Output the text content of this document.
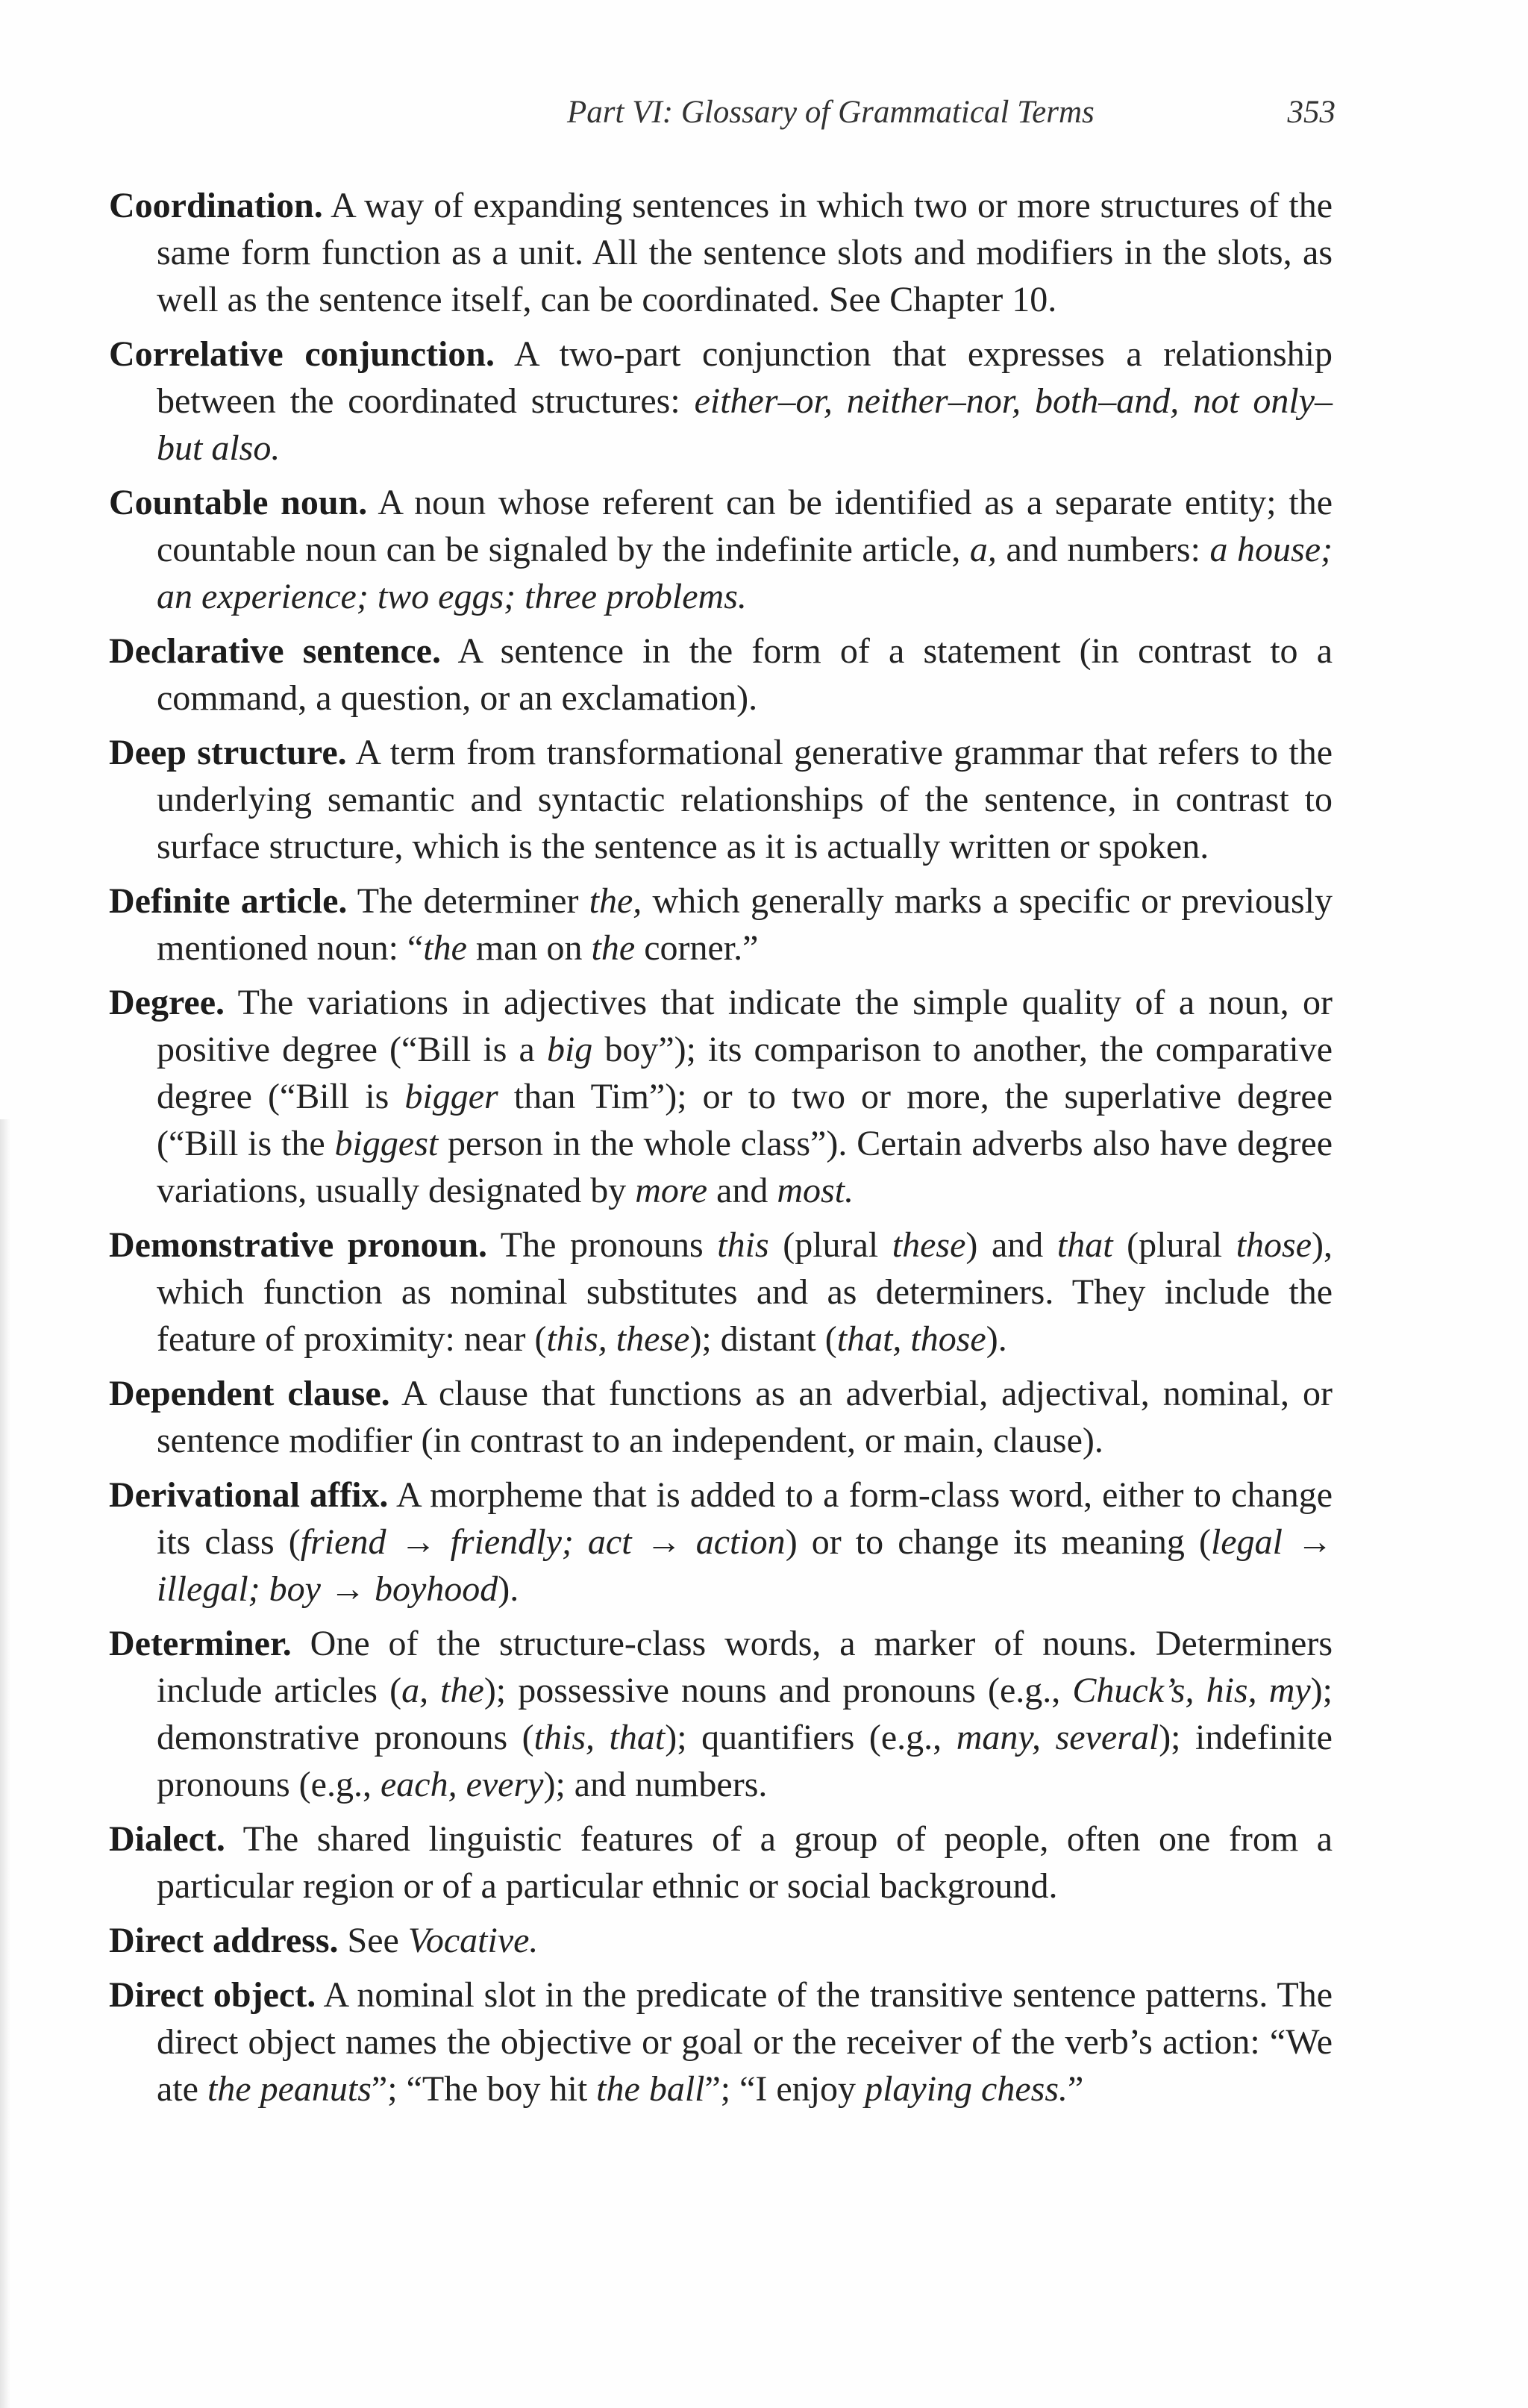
Part VI: Glossary of Grammatical Terms	353

Coordination. A way of expanding sentences in which two or more structures of the same form function as a unit. All the sentence slots and modifiers in the slots, as well as the sentence itself, can be coordinated. See Chapter 10.

Correlative conjunction. A two-part conjunction that expresses a relationship between the coordinated structures: either–or, neither–nor, both–and, not only–but also.

Countable noun. A noun whose referent can be identified as a separate entity; the countable noun can be signaled by the indefinite article, a, and numbers: a house; an experience; two eggs; three problems.

Declarative sentence. A sentence in the form of a statement (in contrast to a command, a question, or an exclamation).

Deep structure. A term from transformational generative grammar that refers to the underlying semantic and syntactic relationships of the sentence, in contrast to surface structure, which is the sentence as it is actually written or spoken.

Definite article. The determiner the, which generally marks a specific or previously mentioned noun: “the man on the corner.”

Degree. The variations in adjectives that indicate the simple quality of a noun, or positive degree (“Bill is a big boy”); its comparison to another, the comparative degree (“Bill is bigger than Tim”); or to two or more, the superlative degree (“Bill is the biggest person in the whole class”). Certain adverbs also have degree variations, usually designated by more and most.

Demonstrative pronoun. The pronouns this (plural these) and that (plural those), which function as nominal substitutes and as determiners. They include the feature of proximity: near (this, these); distant (that, those).

Dependent clause. A clause that functions as an adverbial, adjectival, nominal, or sentence modifier (in contrast to an independent, or main, clause).

Derivational affix. A morpheme that is added to a form-class word, either to change its class (friend → friendly; act → action) or to change its meaning (legal → illegal; boy → boyhood).

Determiner. One of the structure-class words, a marker of nouns. Determiners include articles (a, the); possessive nouns and pronouns (e.g., Chuck’s, his, my); demonstrative pronouns (this, that); quantifiers (e.g., many, several); indefinite pronouns (e.g., each, every); and numbers.

Dialect. The shared linguistic features of a group of people, often one from a particular region or of a particular ethnic or social background.

Direct address. See Vocative.

Direct object. A nominal slot in the predicate of the transitive sentence patterns. The direct object names the objective or goal or the receiver of the verb’s action: “We ate the peanuts”; “The boy hit the ball”; “I enjoy playing chess.”
